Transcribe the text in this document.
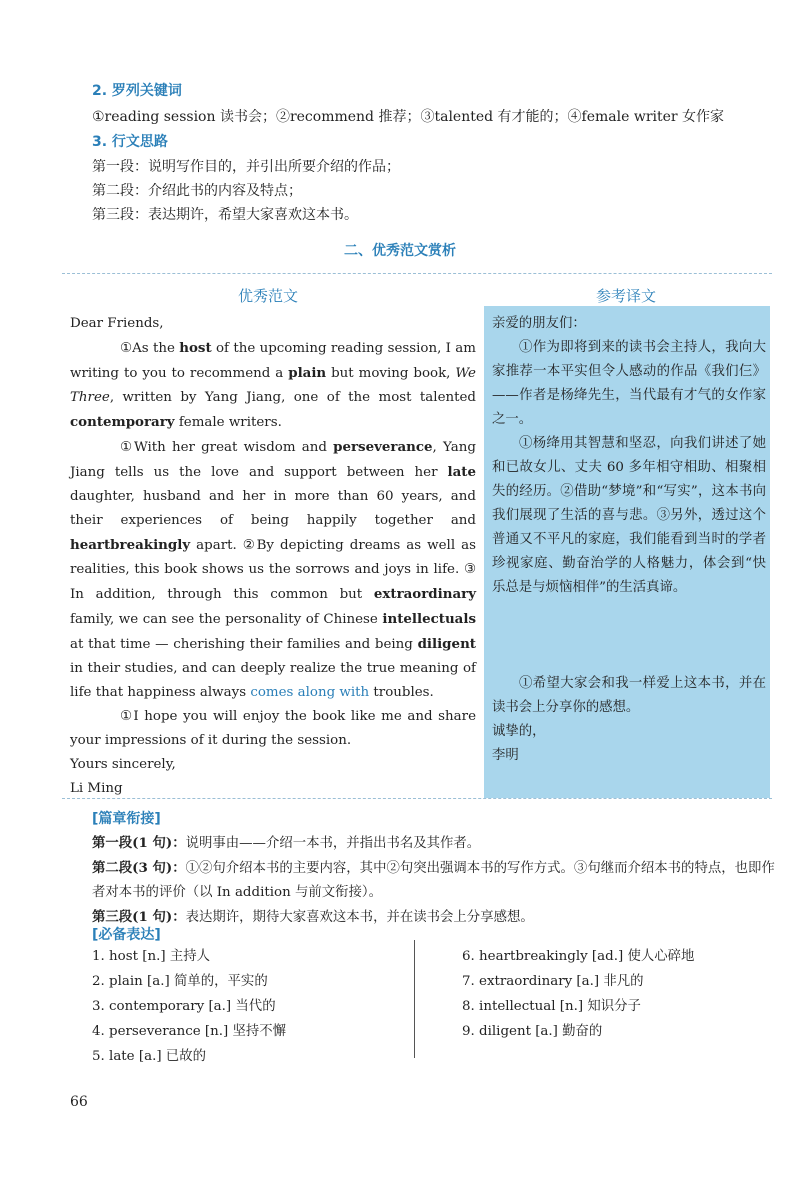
2. 罗列关键词
①reading session 读书会；②recommend 推荐；③talented 有才能的；④female writer 女作家
3. 行文思路
第一段：说明写作目的，并引出所要介绍的作品；
第二段：介绍此书的内容及特点；
第三段：表达期许，希望大家喜欢这本书。
二、优秀范文赏析
优秀范文	参考译文

Dear Friends,

①As the host of the upcoming reading session, I am writing to you to recommend a plain but moving book, We Three, written by Yang Jiang, one of the most talented contemporary female writers.

①With her great wisdom and perseverance, Yang Jiang tells us the love and support between her late daughter, husband and her in more than 60 years, and their experiences of being happily together and heartbreakingly apart. ②By depicting dreams as well as realities, this book shows us the sorrows and joys in life. ③ In addition, through this common but extraordinary family, we can see the personality of Chinese intellectuals at that time — cherishing their families and being diligent in their studies, and can deeply realize the true meaning of life that happiness always comes along with troubles.

①I hope you will enjoy the book like me and share your impressions of it during the session.

Yours sincerely,

Li Ming

亲爱的朋友们：

①作为即将到来的读书会主持人，我向大家推荐一本平实但令人感动的作品《我们仨》——作者是杨绛先生，当代最有才气的女作家之一。

①杨绛用其智慧和坚忍，向我们讲述了她和已故女儿、丈夫 60 多年相守相助、相聚相失的经历。②借助“梦境”和“写实”，这本书向我们展现了生活的喜与悲。③另外，透过这个普通又不平凡的家庭，我们能看到当时的学者珍视家庭、勤奋治学的人格魅力，体会到“快乐总是与烦恼相伴”的生活真谛。

①希望大家会和我一样爱上这本书，并在读书会上分享你的感想。

诚挚的，

李明

[篇章衔接]
第一段(1 句)：说明事由——介绍一本书，并指出书名及其作者。
第二段(3 句)：①②句介绍本书的主要内容，其中②句突出强调本书的写作方式。③句继而介绍本书的特点，也即作者对本书的评价（以 In addition 与前文衔接）。
第三段(1 句)：表达期许，期待大家喜欢这本书，并在读书会上分享感想。
[必备表达]
1. host [n.] 主持人
2. plain [a.] 简单的，平实的
3. contemporary [a.] 当代的
4. perseverance [n.] 坚持不懈
5. late [a.] 已故的
6. heartbreakingly [ad.] 使人心碎地
7. extraordinary [a.] 非凡的
8. intellectual [n.] 知识分子
9. diligent [a.] 勤奋的
66
